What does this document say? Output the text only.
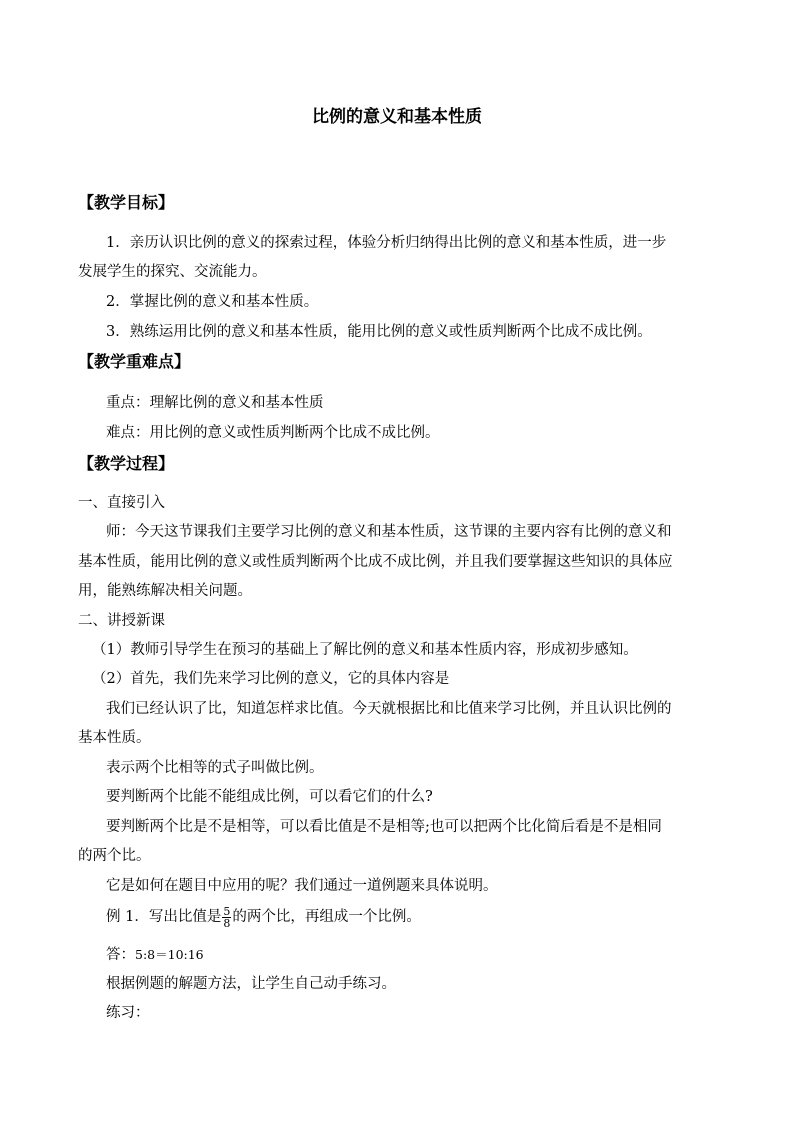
比例的意义和基本性质
【教学目标】
1．亲历认识比例的意义的探索过程，体验分析归纳得出比例的意义和基本性质，进一步
发展学生的探究、交流能力。
2．掌握比例的意义和基本性质。
3．熟练运用比例的意义和基本性质，能用比例的意义或性质判断两个比成不成比例。
【教学重难点】
重点：理解比例的意义和基本性质
难点：用比例的意义或性质判断两个比成不成比例。
【教学过程】
一、直接引入
师：今天这节课我们主要学习比例的意义和基本性质，这节课的主要内容有比例的意义和
基本性质，能用比例的意义或性质判断两个比成不成比例，并且我们要掌握这些知识的具体应
用，能熟练解决相关问题。
二、讲授新课
（1）教师引导学生在预习的基础上了解比例的意义和基本性质内容，形成初步感知。
（2）首先，我们先来学习比例的意义，它的具体内容是
我们已经认识了比，知道怎样求比值。今天就根据比和比值来学习比例，并且认识比例的
基本性质。
表示两个比相等的式子叫做比例。
要判断两个比能不能组成比例，可以看它们的什么?
要判断两个比是不是相等，可以看比值是不是相等;也可以把两个比化简后看是不是相同
的两个比。
它是如何在题目中应用的呢？我们通过一道例题来具体说明。
例 1．写出比值是 $\frac{5}{8}$ 的两个比，再组成一个比例。
答：5:8＝10:16
根据例题的解题方法，让学生自己动手练习。
练习：
